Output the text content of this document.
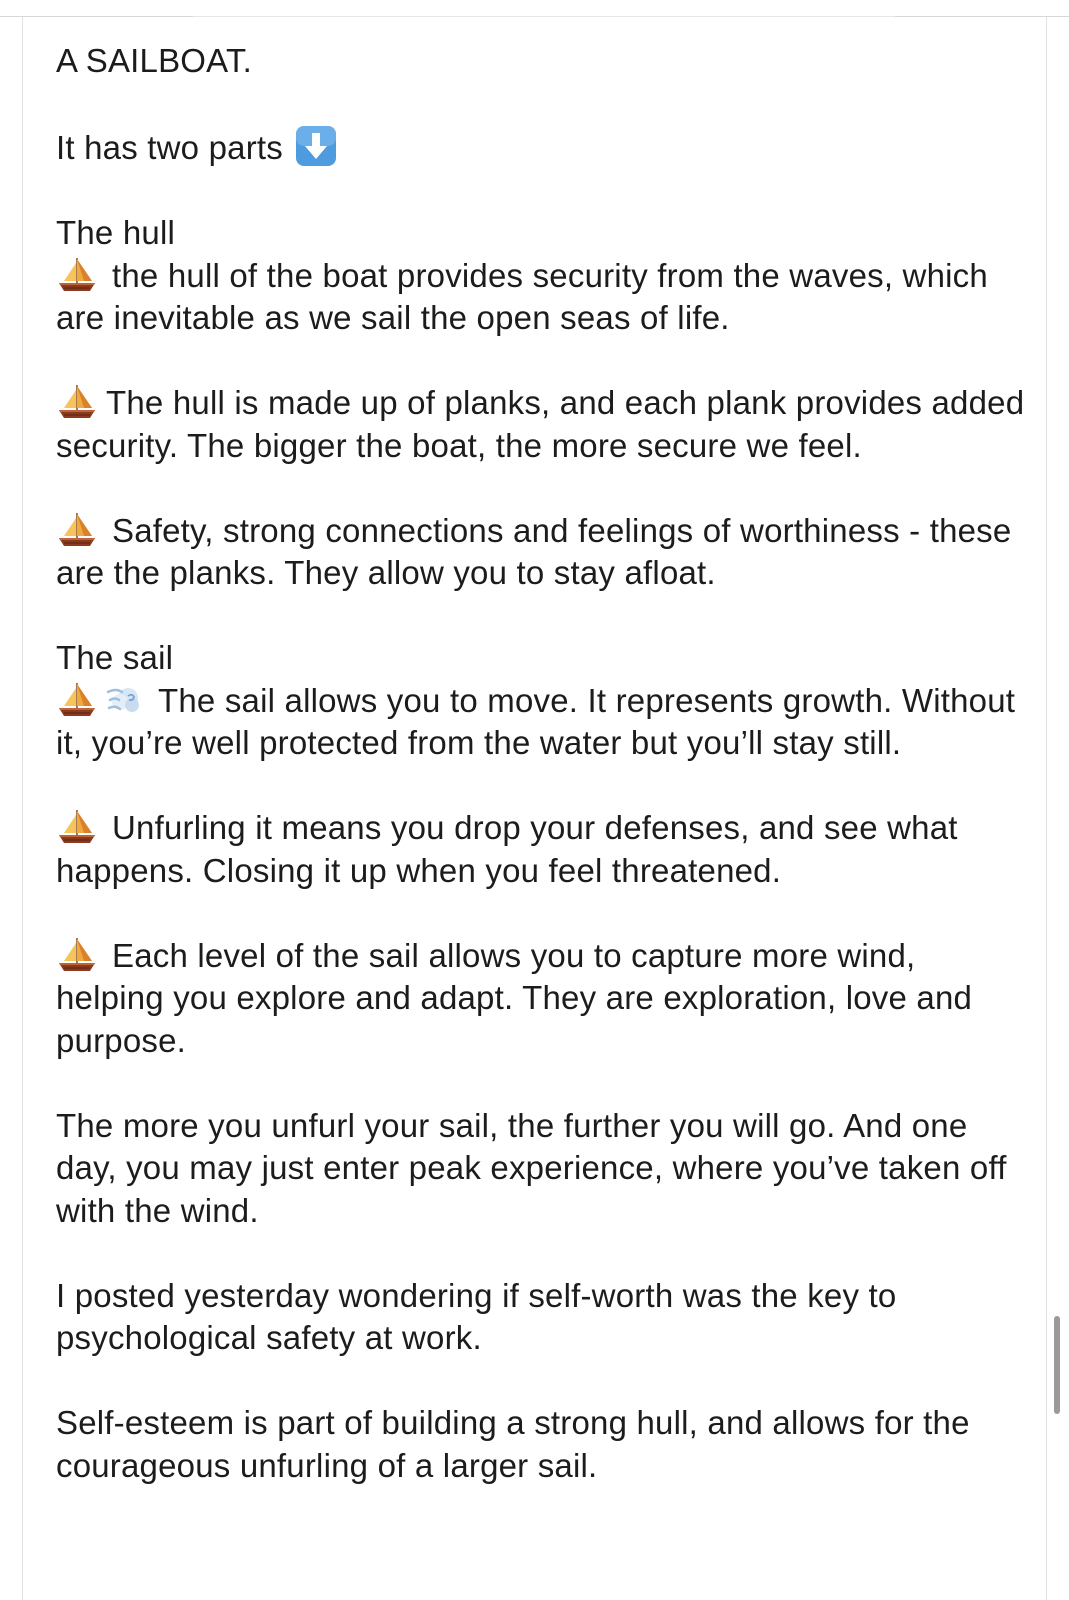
A SAILBOAT.

It has two parts

The hull
the hull of the boat provides security from the waves, which are inevitable as we sail the open seas of life.

The hull is made up of planks, and each plank provides added security. The bigger the boat, the more secure we feel.

Safety, strong connections and feelings of worthiness - these are the planks. They allow you to stay afloat.

The sail
The sail allows you to move. It represents growth. Without it, you’re well protected from the water but you’ll stay still.

Unfurling it means you drop your defenses, and see what happens. Closing it up when you feel threatened.

Each level of the sail allows you to capture more wind, helping you explore and adapt. They are exploration, love and purpose.

The more you unfurl your sail, the further you will go. And one day, you may just enter peak experience, where you’ve taken off with the wind.

I posted yesterday wondering if self-worth was the key to psychological safety at work.

Self-esteem is part of building a strong hull, and allows for the courageous unfurling of a larger sail.
